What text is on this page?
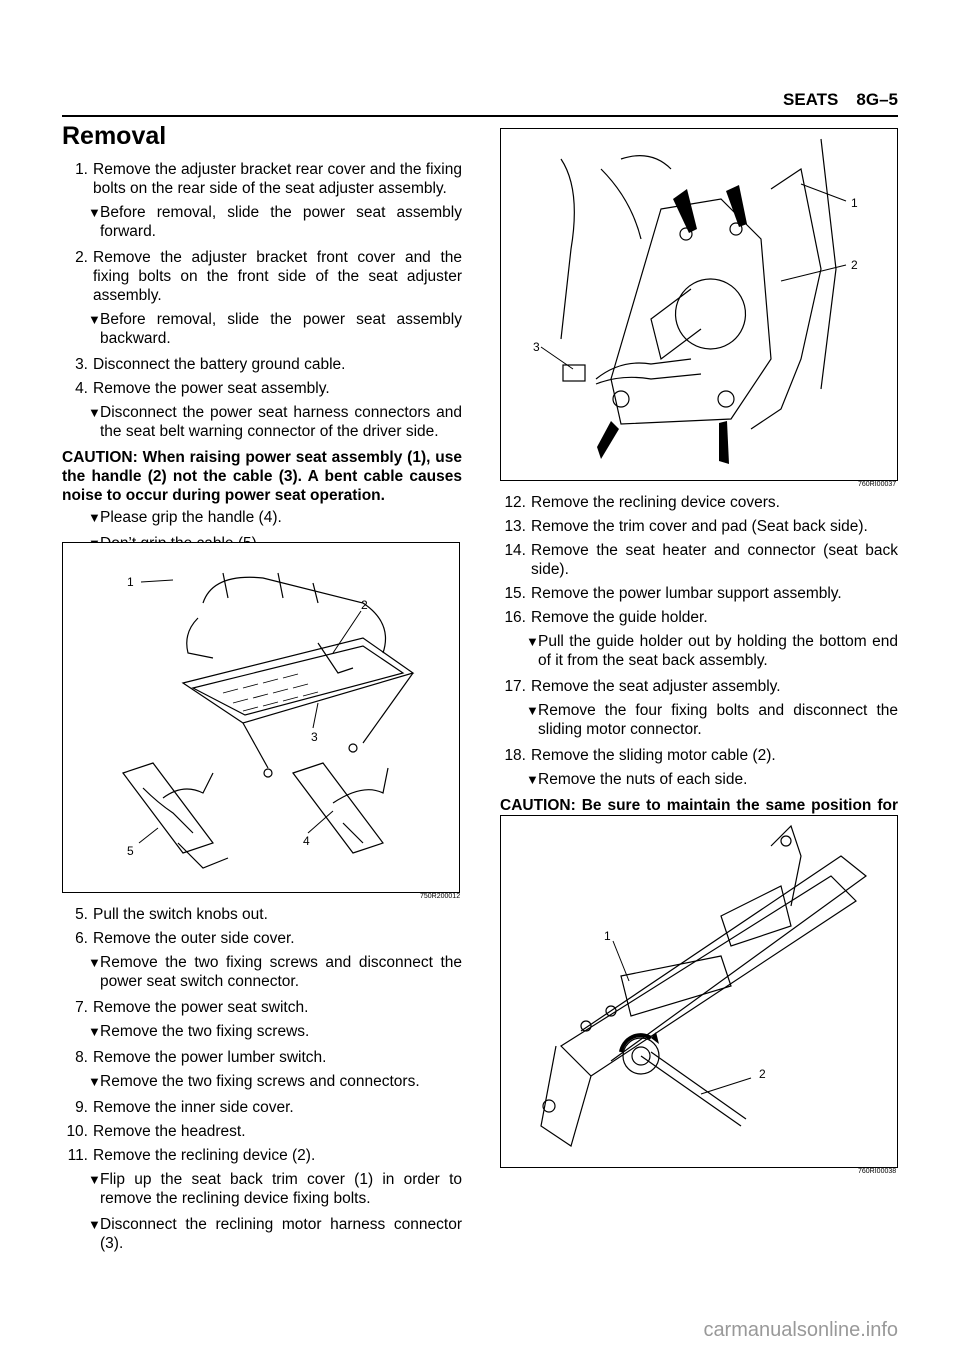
SEATS 8G–5
Removal
1. Remove the adjuster bracket rear cover and the fixing bolts on the rear side of the seat adjuster assembly.
▼ Before removal, slide the power seat assembly forward.
2. Remove the adjuster bracket front cover and the fixing bolts on the front side of the seat adjuster assembly.
▼ Before removal, slide the power seat assembly backward.
3. Disconnect the battery ground cable.
4. Remove the power seat assembly.
▼ Disconnect the power seat harness connectors and the seat belt warning connector of the driver side.

CAUTION: When raising power seat assembly (1), use the handle (2) not the cable (3). A bent cable causes noise to occur during power seat operation.

▼ Please grip the handle (4).
1
2
3
4
5
750R200012
5. Pull the switch knobs out.
6. Remove the outer side cover.
▼ Remove the two fixing screws and disconnect the power seat switch connector.
7. Remove the power seat switch.
▼ Remove the two fixing screws.
8. Remove the power lumber switch.
▼ Remove the two fixing screws and connectors.
9. Remove the inner side cover.
10. Remove the headrest.
11. Remove the reclining device (2).
▼ Flip up the seat back trim cover (1) in order to remove the reclining device fixing bolts.
▼ Disconnect the reclining motor harness connector (3).
1
2
3
760RI00037
12. Remove the reclining device covers.
13. Remove the trim cover and pad (Seat back side).
14. Remove the seat heater and connector (seat back side).
15. Remove the power lumbar support assembly.
16. Remove the guide holder.
▼ Pull the guide holder out by holding the bottom end of it from the seat back assembly.
17. Remove the seat adjuster assembly.
▼ Remove the four fixing bolts and disconnect the sliding motor connector.
18. Remove the sliding motor cable (2).
▼ Remove the nuts of each side.

CAUTION: Be sure to maintain the same position for

1
2
760RI00038
carmanualsonline.info
